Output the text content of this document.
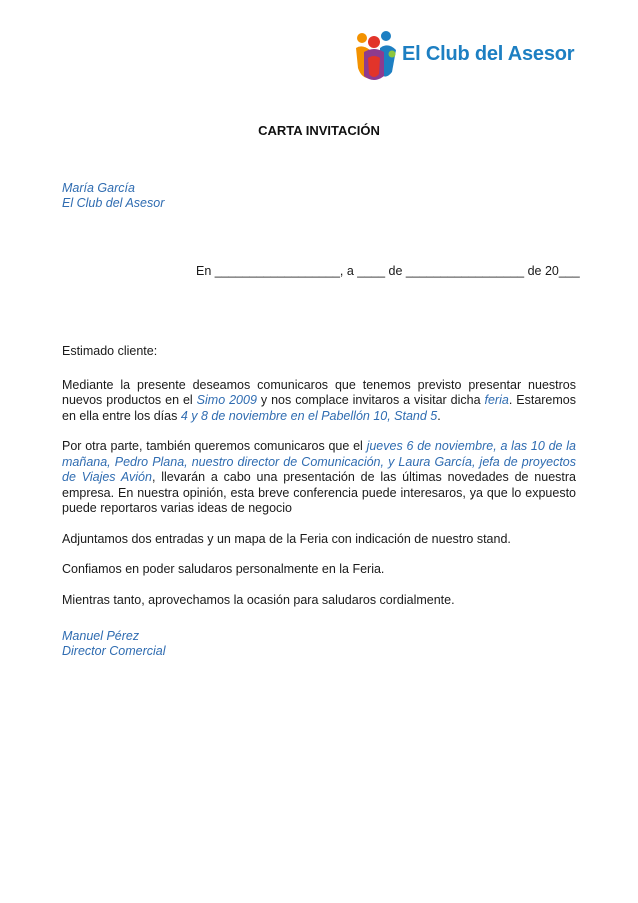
El Club del Asesor
CARTA INVITACIÓN
María García
El Club del Asesor
En __________________, a ____ de _________________ de 20___

Estimado cliente:

Mediante la presente deseamos comunicaros que tenemos previsto presentar nuestros nuevos productos en el Simo 2009 y nos complace invitaros a visitar dicha feria. Estaremos en ella entre los días 4 y 8 de noviembre en el Pabellón 10, Stand 5.

Por otra parte, también queremos comunicaros que el jueves 6 de noviembre, a las 10 de la mañana, Pedro Plana, nuestro director de Comunicación, y Laura García, jefa de proyectos de Viajes Avión, llevarán a cabo una presentación de las últimas novedades de nuestra empresa. En nuestra opinión, esta breve conferencia puede interesaros, ya que lo expuesto puede reportaros varias ideas de negocio

Adjuntamos dos entradas y un mapa de la Feria con indicación de nuestro stand.

Confiamos en poder saludaros personalmente en la Feria.

Mientras tanto, aprovechamos la ocasión para saludaros cordialmente.

Manuel Pérez
Director Comercial
